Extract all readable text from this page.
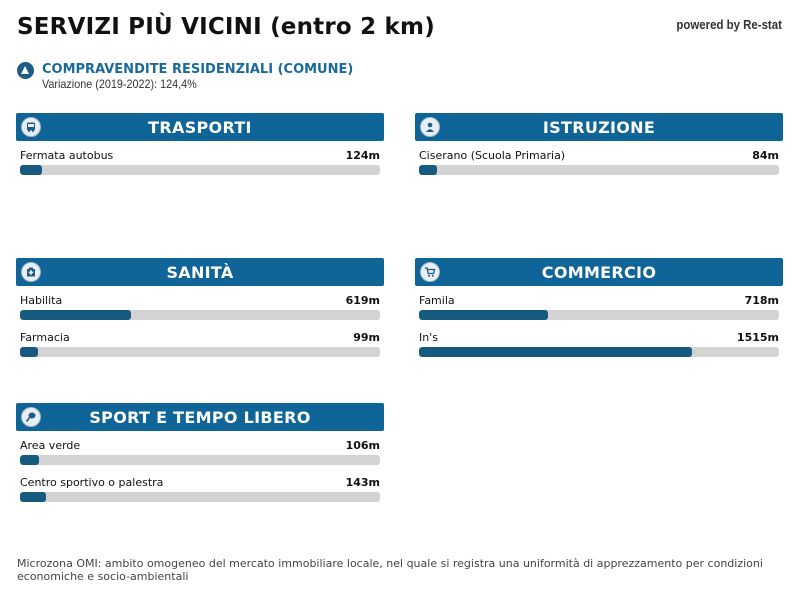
SERVIZI PIÙ VICINI (entro 2 km)	powered by Re-stat
COMPRAVENDITE RESIDENZIALI (COMUNE)
Variazione (2019-2022): 124,4%
TRASPORTI
Fermata autobus	124m
ISTRUZIONE
Ciserano (Scuola Primaria)	84m
SANITÀ
Habilita	619m
Farmacia	99m
COMMERCIO
Famila	718m
In's	1515m
SPORT E TEMPO LIBERO
Area verde	106m
Centro sportivo o palestra	143m
Microzona OMI: ambito omogeneo del mercato immobiliare locale, nel quale si registra una uniformità di apprezzamento per condizioni economiche e socio-ambientali
